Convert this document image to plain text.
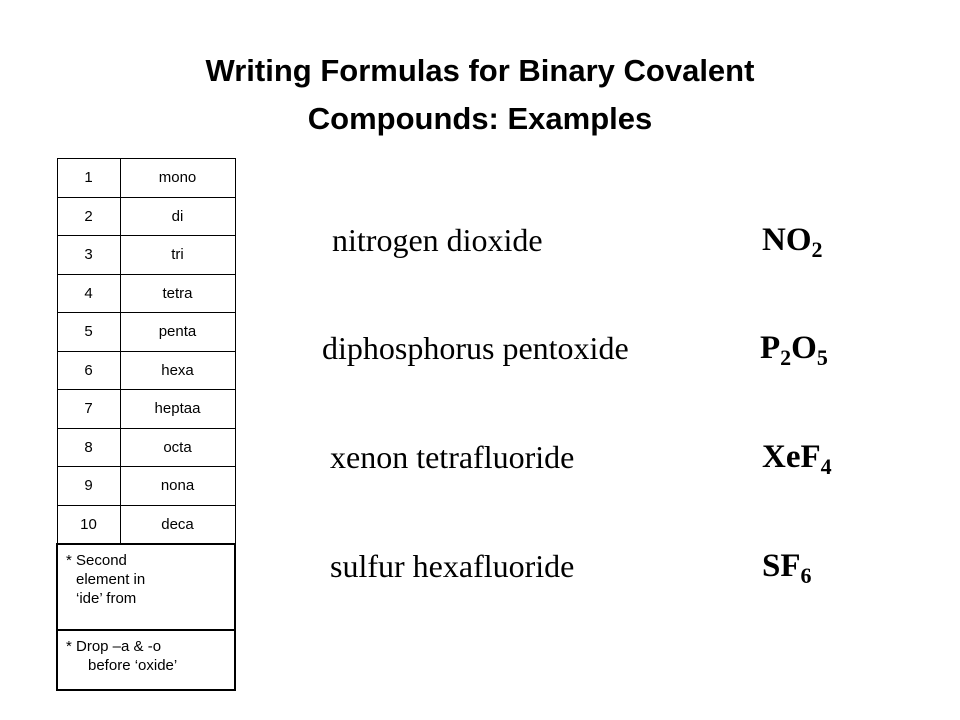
Writing Formulas for Binary Covalent
Compounds: Examples
1	mono
2	di
3	tri
4	tetra
5	penta
6	hexa
7	heptaa
8	octa
9	nona
10	deca

* Second
element in
‘ide’ from	

* Drop –a & -o
before ‘oxide’	
nitrogen dioxide	$NO_2$
diphosphorus pentoxide	$P_2O_5$
xenon tetrafluoride	XeF$_4$
sulfur hexafluoride	$SF_6$
